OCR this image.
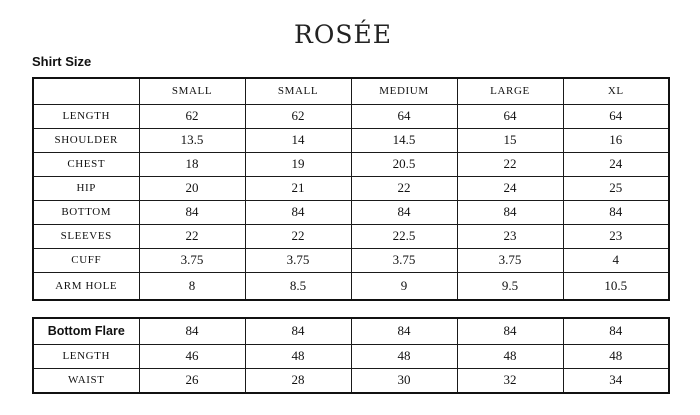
ROSÉE
Shirt Size
	SMALL	SMALL	MEDIUM	LARGE	XL
LENGTH	62	62	64	64	64
SHOULDER	13.5	14	14.5	15	16
CHEST	18	19	20.5	22	24
HIP	20	21	22	24	25
BOTTOM	84	84	84	84	84
SLEEVES	22	22	22.5	23	23
CUFF	3.75	3.75	3.75	3.75	4
ARM HOLE	8	8.5	9	9.5	10.5
Bottom Flare	84	84	84	84	84
LENGTH	46	48	48	48	48
WAIST	26	28	30	32	34
